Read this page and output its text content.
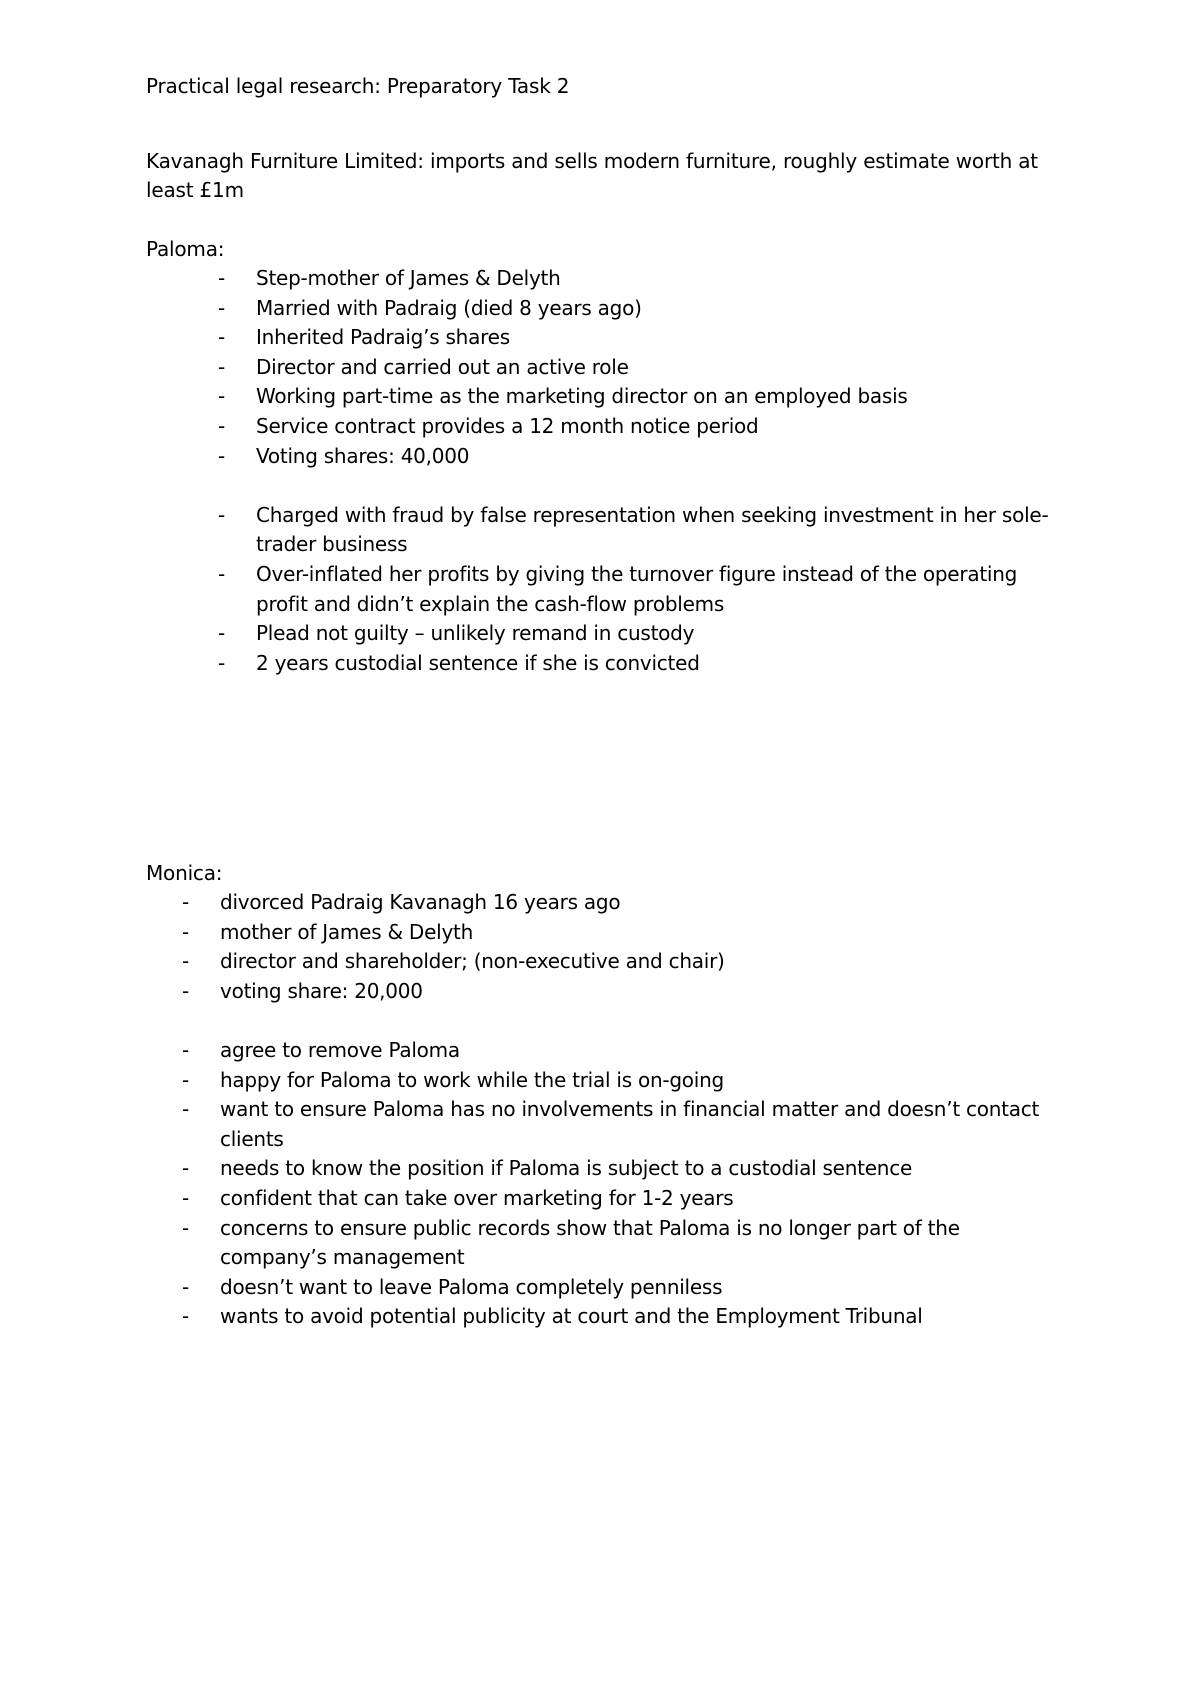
Practical legal research: Preparatory Task 2
Kavanagh Furniture Limited: imports and sells modern furniture, roughly estimate worth at
least £1m
Paloma:
- Step-mother of James & Delyth
- Married with Padraig (died 8 years ago)
- Inherited Padraig’s shares
- Director and carried out an active role
- Working part-time as the marketing director on an employed basis
- Service contract provides a 12 month notice period
- Voting shares: 40,000
- Charged with fraud by false representation when seeking investment in her sole-trader business
- Over-inflated her profits by giving the turnover figure instead of the operating profit and didn’t explain the cash-flow problems
- Plead not guilty – unlikely remand in custody
- 2 years custodial sentence if she is convicted
Monica:
- divorced Padraig Kavanagh 16 years ago
- mother of James & Delyth
- director and shareholder; (non-executive and chair)
- voting share: 20,000
- agree to remove Paloma
- happy for Paloma to work while the trial is on-going
- want to ensure Paloma has no involvements in financial matter and doesn’t contact clients
- needs to know the position if Paloma is subject to a custodial sentence
- confident that can take over marketing for 1-2 years
- concerns to ensure public records show that Paloma is no longer part of the company’s management
- doesn’t want to leave Paloma completely penniless
- wants to avoid potential publicity at court and the Employment Tribunal
